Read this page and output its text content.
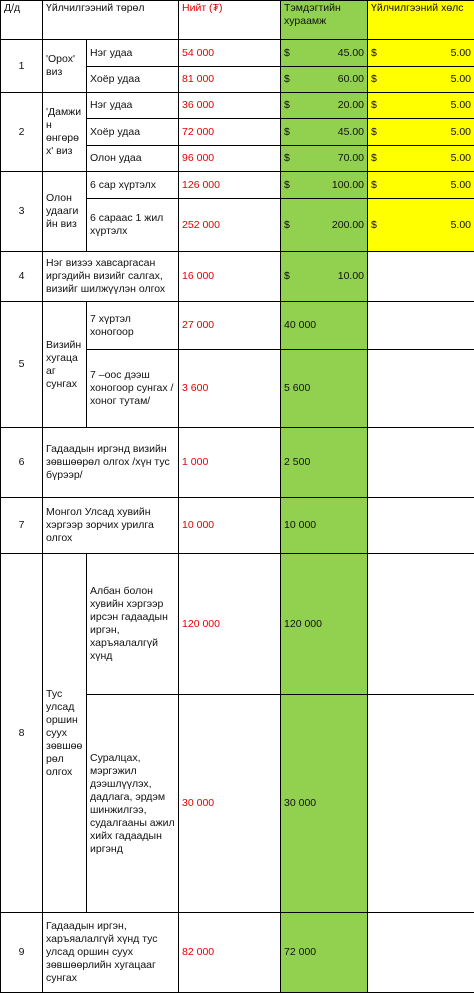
Д/д	Үйлчилгээний төрөл		Нийт (₮)	Тэмдэгтийн хураамж	Үйлчилгээний хөлс
1	'Орох' виз	Нэг удаа	54 000	$ 45.00	$ 5.00

		Хоёр удаа	81 000	$ 60.00	$ 5.00

2	'Дамжин өнгөрөх' виз	Нэг удаа	36 000	$ 20.00	$ 5.00

		Хоёр удаа	72 000	$ 45.00	$ 5.00

		Олон удаа	96 000	$ 70.00	$ 5.00

3	Олон удаагийн виз	6 сар хүртэлх	126 000	$ 100.00	$ 5.00

		6 сараас 1 жил хүртэлх	252 000	$ 200.00	$ 5.00

4	Нэг визээ хавсаргасан иргэдийн визийг салгах, визийг шилжүүлэн олгох		16 000	$ 10.00	

5	Визийн хугацааг сунгах	7 хүртэл хоногоор	27 000	40 000	
		7 –оос дээш хоногоор сунгах /хоног тутам/	3 600	5 600	
6	Гадаадын иргэнд визийн зөвшөөрөл олгох /хүн тус бүрээр/		1 000	2 500	
7	Монгол Улсад хувийн хэргээр зорчих урилга олгох		10 000	10 000	
8	Тус улсад оршин суух зөвшөөрөл олгох	Албан болон хувийн хэргээр ирсэн гадаадын иргэн, харъяалалгүй хүнд	120 000	120 000	
		Суралцах, мэргэжил дээшлүүлэх, дадлага, эрдэм шинжилгээ, судалгааны ажил хийх гадаадын иргэнд	30 000	30 000	
9	Гадаадын иргэн, харъяалалгүй хүнд тус улсад оршин суух зөвшөөрлийн хугацааг сунгах		82 000	72 000	
